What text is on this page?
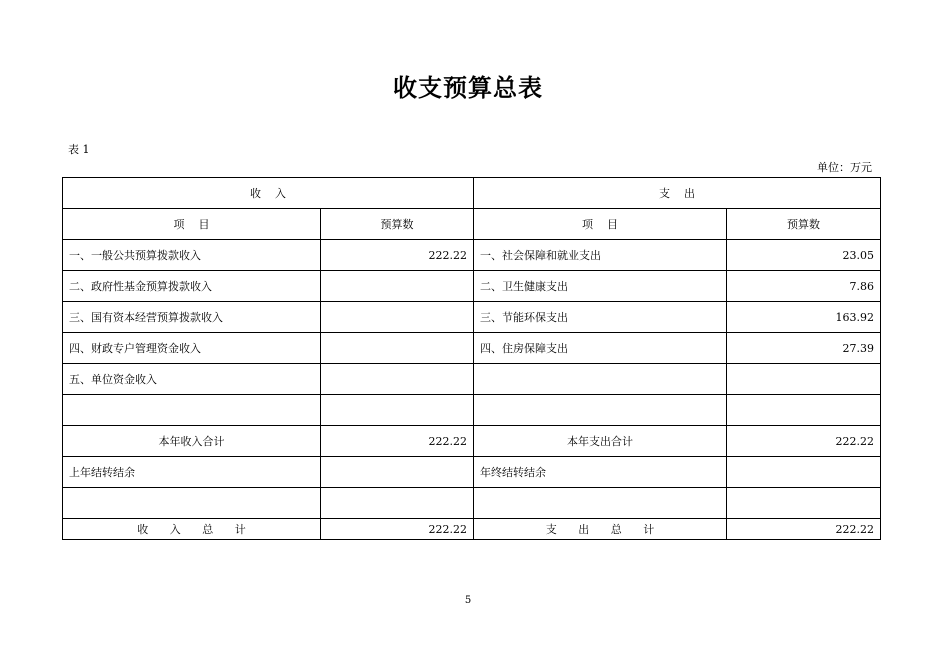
收支预算总表
表 1
单位：万元
收    入		支    出	
项    目	预算数	项    目	预算数
一、一般公共预算拨款收入	222.22	一、社会保障和就业支出	23.05
二、政府性基金预算拨款收入		二、卫生健康支出	7.86
三、国有资本经营预算拨款收入		三、节能环保支出	163.92
四、财政专户管理资金收入		四、住房保障支出	27.39
五、单位资金收入			

本年收入合计	222.22	本年支出合计	222.22
上年结转结余		年终结转结余	

收 入 总 计	222.22	支 出 总 计	222.22
5
